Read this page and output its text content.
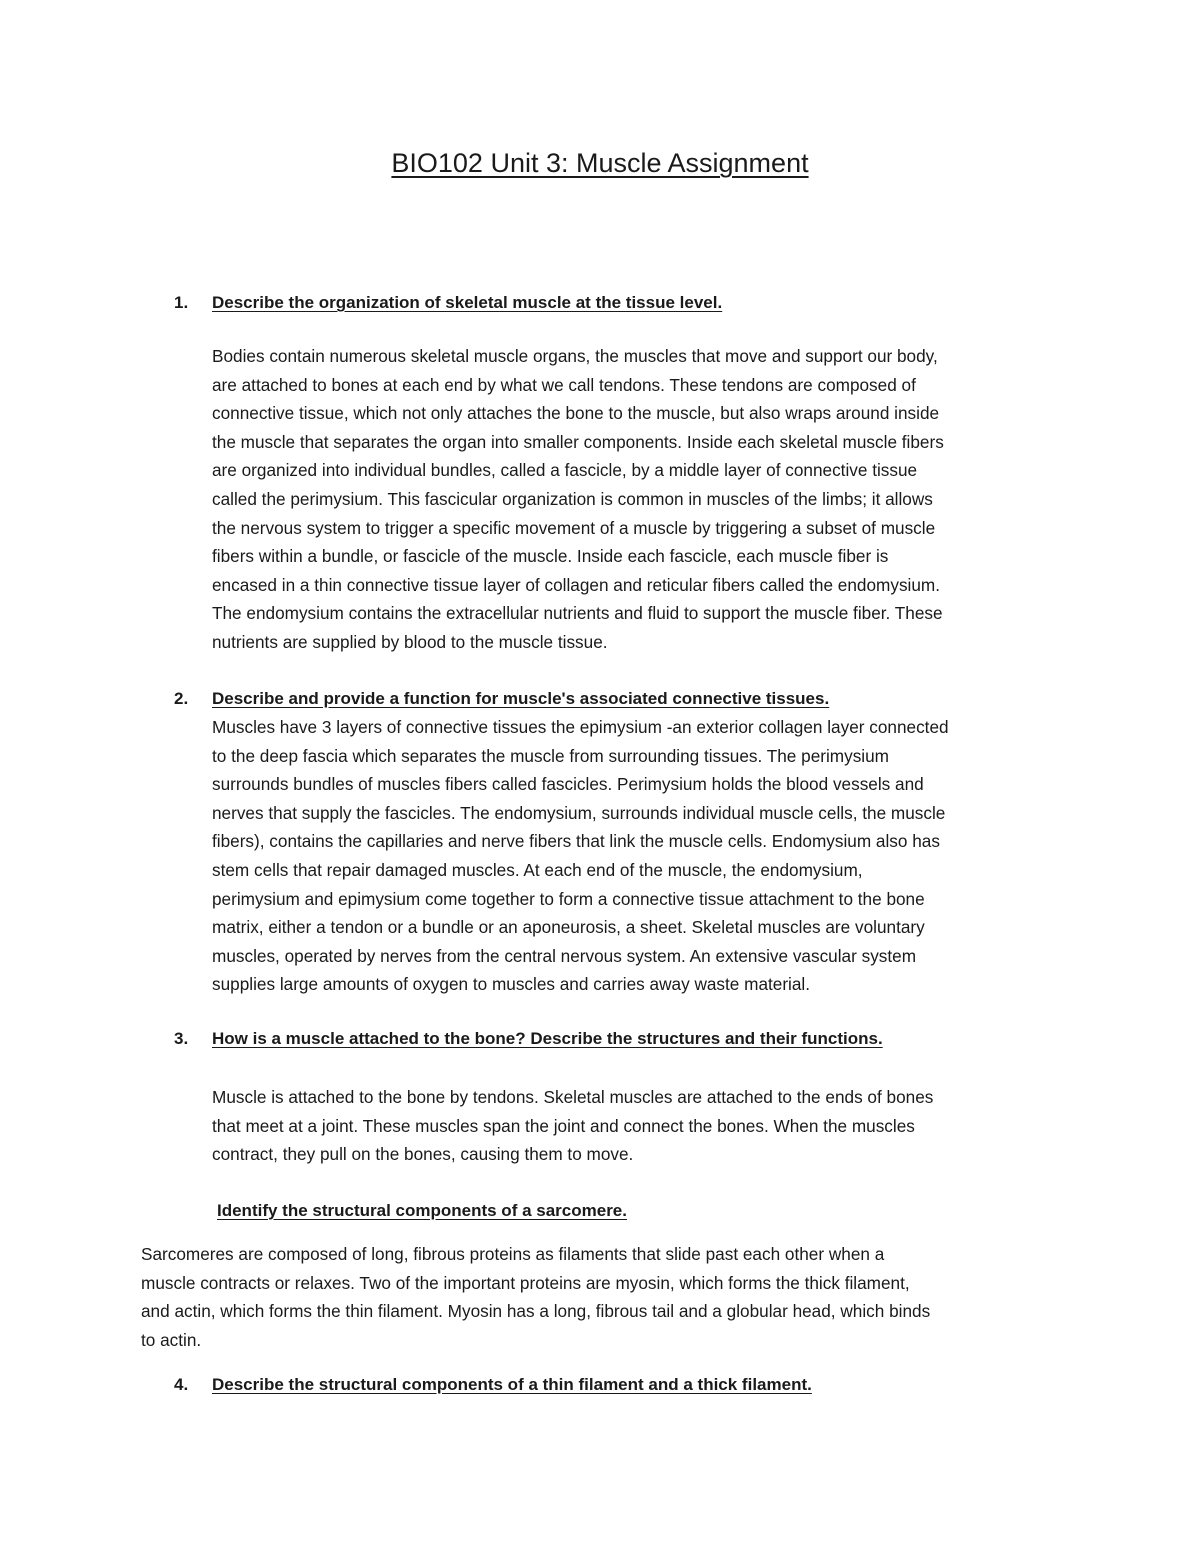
BIO102 Unit 3: Muscle Assignment
1. Describe the organization of skeletal muscle at the tissue level.
Bodies contain numerous skeletal muscle organs, the muscles that move and support our body,
are attached to bones at each end by what we call tendons. These tendons are composed of
connective tissue, which not only attaches the bone to the muscle, but also wraps around inside
the muscle that separates the organ into smaller components. Inside each skeletal muscle fibers
are organized into individual bundles, called a fascicle, by a middle layer of connective tissue
called the perimysium. This fascicular organization is common in muscles of the limbs; it allows
the nervous system to trigger a specific movement of a muscle by triggering a subset of muscle
fibers within a bundle, or fascicle of the muscle. Inside each fascicle, each muscle fiber is
encased in a thin connective tissue layer of collagen and reticular fibers called the endomysium.
The endomysium contains the extracellular nutrients and fluid to support the muscle fiber. These
nutrients are supplied by blood to the muscle tissue.
2. Describe and provide a function for muscle's associated connective tissues.
Muscles have 3 layers of connective tissues the epimysium -an exterior collagen layer connected
to the deep fascia which separates the muscle from surrounding tissues. The perimysium
surrounds bundles of muscles fibers called fascicles. Perimysium holds the blood vessels and
nerves that supply the fascicles. The endomysium, surrounds individual muscle cells, the muscle
fibers), contains the capillaries and nerve fibers that link the muscle cells. Endomysium also has
stem cells that repair damaged muscles. At each end of the muscle, the endomysium,
perimysium and epimysium come together to form a connective tissue attachment to the bone
matrix, either a tendon or a bundle or an aponeurosis, a sheet. Skeletal muscles are voluntary
muscles, operated by nerves from the central nervous system. An extensive vascular system
supplies large amounts of oxygen to muscles and carries away waste material.
3. How is a muscle attached to the bone? Describe the structures and their functions.
Muscle is attached to the bone by tendons. Skeletal muscles are attached to the ends of bones
that meet at a joint. These muscles span the joint and connect the bones. When the muscles
contract, they pull on the bones, causing them to move.
Identify the structural components of a sarcomere.
Sarcomeres are composed of long, fibrous proteins as filaments that slide past each other when a
muscle contracts or relaxes. Two of the important proteins are myosin, which forms the thick filament,
and actin, which forms the thin filament. Myosin has a long, fibrous tail and a globular head, which binds
to actin.
4. Describe the structural components of a thin filament and a thick filament.
